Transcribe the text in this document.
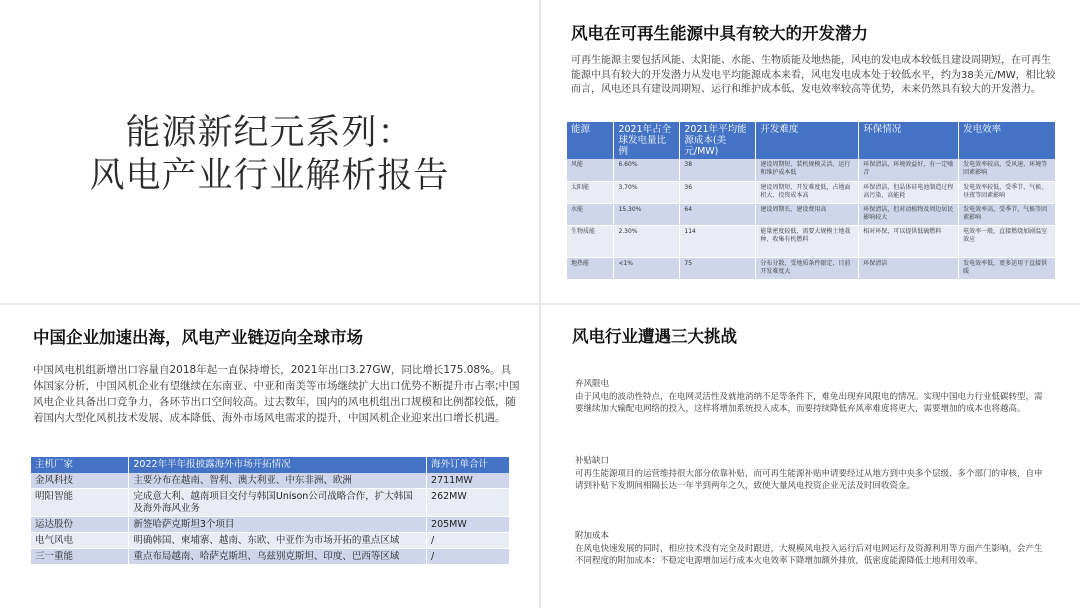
能源新纪元系列：
风电产业行业解析报告
风电在可再生能源中具有较大的开发潜力
可再生能源主要包括风能、太阳能、水能、生物质能及地热能，风电的发电成本较低且建设周期短，在可再生能源中具有较大的开发潜力从发电平均能源成本来看，风电发电成本处于较低水平，约为38美元/MW，相比较而言，风电还具有建设周期短、运行和维护成本低、发电效率较高等优势，未来仍然具有较大的开发潜力。
能源	2021年占全球发电量比例	2021年平均能源成本(美元/MW)	开发难度	环保情况	发电效率
风能	6.60%	38	建设周期短、装机规模灵活、运行和维护成本低	环保清洁，环境效益好，有一定噪音	发电效率较高，受风速、环境等因素影响
太阳能	3.70%	36	建设周期短、开发难度低，占地面积大、投资成本高	环保清洁，但晶体硅电池制造过程高污染、高能耗	发电效率较低，受季节、气候、昼夜等因素影响
水能	15.30%	64	建设周期长、建设费用高	环保清洁，但对动植物及周边居民影响较大	发电效率高，受季节、气候等因素影响
生物质能	2.30%	114	能量密度较低，需要大规模土地栽种、收集有机燃料	相对环保，可以提供低硫燃料	电效率一般，直接燃烧加剧温室效应
地热能	<1%	75	分布分散，受地质条件限定，目前开发难度大	环保清洁	发电效率低，更多运用于直接供暖
中国企业加速出海，风电产业链迈向全球市场
中国风电机组新增出口容量自2018年起一直保持增长，2021年出口3.27GW，同比增长175.08%。具体国家分析，中国风机企业有望继续在东南亚、中亚和南美等市场继续扩大出口优势不断提升市占率;中国风电企业具备出口竞争力，各环节出口空间较高。过去数年，国内的风电机组出口规模和比例都较低，随着国内大型化风机技术发展、成本降低、海外市场风电需求的提升，中国风机企业迎来出口增长机遇。
主机厂家	2022年半年报披露海外市场开拓情况	海外订单合计
金风科技	主要分布在越南、智利、澳大利亚、中东非洲、欧洲	2711MW
明阳智能	完成意大利、越南项目交付与韩国Unison公司战略合作，扩大韩国及海外海风业务	262MW
运达股份	新签哈萨克斯坦3个项目	205MW
电气风电	明确韩国、柬埔寨、越南、东欧、中亚作为市场开拓的重点区域	/
三一重能	重点布局越南、哈萨克斯坦、乌兹别克斯坦、印度、巴西等区域	/
风电行业遭遇三大挑战
弃风限电
由于风电的波动性特点，在电网灵活性及就地消纳不足等条件下，难免出现弃风限电的情况。实现中国电力行业低碳转型，需要继续加大输配电网络的投入，这样将增加系统投入成本，而要持续降低弃风率难度将更大，需要增加的成本也将越高。
补贴缺口
可再生能源项目的运营维持很大部分依靠补贴，而可再生能源补贴申请要经过从地方到中央多个层级、多个部门的审核，自申请到补贴下发期间相隔长达一年半到两年之久，致使大量风电投资企业无法及时回收资金。
附加成本
在风电快速发展的同时，相应技术没有完全及时跟进，大规模风电投入运行后对电网运行及资源利用等方面产生影响，会产生不同程度的附加成本：不稳定电源增加运行成本火电效率下降增加额外排放，低密度能源降低土地利用效率。
